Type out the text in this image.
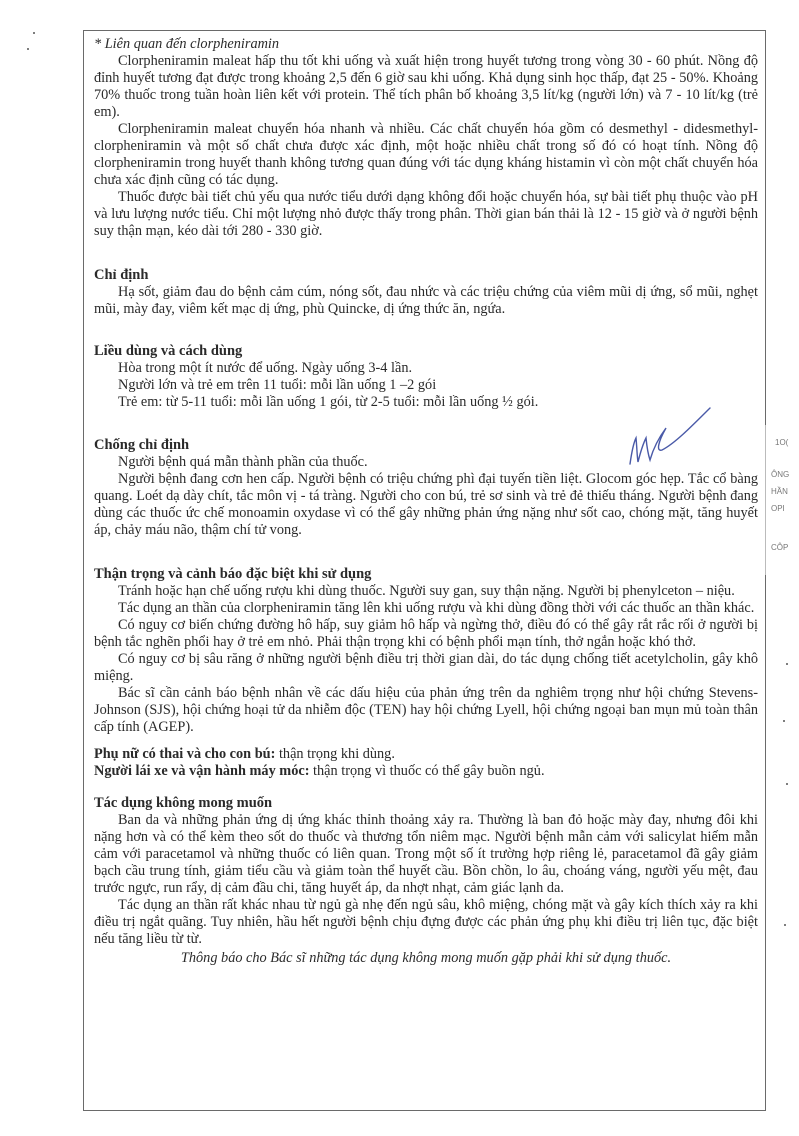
* Liên quan đến clorpheniramin

Clorpheniramin maleat hấp thu tốt khi uống và xuất hiện trong huyết tương trong vòng 30 - 60 phút. Nồng độ đỉnh huyết tương đạt được trong khoảng 2,5 đến 6 giờ sau khi uống. Khả dụng sinh học thấp, đạt 25 - 50%. Khoảng 70% thuốc trong tuần hoàn liên kết với protein. Thể tích phân bố khoảng 3,5 lít/kg (người lớn) và 7 - 10 lít/kg (trẻ em).

Clorpheniramin maleat chuyển hóa nhanh và nhiều. Các chất chuyển hóa gồm có desmethyl - didesmethyl- clorpheniramin và một số chất chưa được xác định, một hoặc nhiều chất trong số đó có hoạt tính. Nồng độ clorpheniramin trong huyết thanh không tương quan đúng với tác dụng kháng histamin vì còn một chất chuyển hóa chưa xác định cũng có tác dụng.

Thuốc được bài tiết chủ yếu qua nước tiểu dưới dạng không đổi hoặc chuyển hóa, sự bài tiết phụ thuộc vào pH và lưu lượng nước tiểu. Chỉ một lượng nhỏ được thấy trong phân. Thời gian bán thải là 12 - 15 giờ và ở người bệnh suy thận mạn, kéo dài tới 280 - 330 giờ.

Chỉ định

Hạ sốt, giảm đau do bệnh cảm cúm, nóng sốt, đau nhức và các triệu chứng của viêm mũi dị ứng, sổ mũi, nghẹt mũi, mày đay, viêm kết mạc dị ứng, phù Quincke, dị ứng thức ăn, ngứa.

Liều dùng và cách dùng
Hòa trong một ít nước để uống. Ngày uống 3-4 lần.
Người lớn và trẻ em trên 11 tuổi: mỗi lần uống 1 –2 gói
Trẻ em: từ 5-11 tuổi: mỗi lần uống 1 gói, từ 2-5 tuổi: mỗi lần uống ½ gói.
Chống chỉ định

Người bệnh quá mẫn thành phần của thuốc.

Người bệnh đang cơn hen cấp. Người bệnh có triệu chứng phì đại tuyến tiền liệt. Glocom góc hẹp. Tắc cổ bàng quang. Loét dạ dày chít, tắc môn vị - tá tràng. Người cho con bú, trẻ sơ sinh và trẻ đẻ thiếu tháng. Người bệnh đang dùng các thuốc ức chế monoamin oxydase vì có thể gây những phản ứng nặng như sốt cao, chóng mặt, tăng huyết áp, chảy máu não, thậm chí tử vong.

Thận trọng và cảnh báo đặc biệt khi sử dụng

Tránh hoặc hạn chế uống rượu khi dùng thuốc. Người suy gan, suy thận nặng. Người bị phenylceton – niệu.

Tác dụng an thần của clorpheniramin tăng lên khi uống rượu và khi dùng đồng thời với các thuốc an thần khác.

Có nguy cơ biến chứng đường hô hấp, suy giảm hô hấp và ngừng thở, điều đó có thể gây rắt rắc rối ở người bị bệnh tắc nghẽn phổi hay ở trẻ em nhỏ. Phải thận trọng khi có bệnh phổi mạn tính, thở ngắn hoặc khó thở.

Có nguy cơ bị sâu răng ở những người bệnh điều trị thời gian dài, do tác dụng chống tiết acetylcholin, gây khô miệng.

Bác sĩ cần cảnh báo bệnh nhân về các dấu hiệu của phản ứng trên da nghiêm trọng như hội chứng Stevens-Johnson (SJS), hội chứng hoại tử da nhiễm độc (TEN) hay hội chứng Lyell, hội chứng ngoại ban mụn mủ toàn thân cấp tính (AGEP).

Phụ nữ có thai và cho con bú: thận trọng khi dùng.
Người lái xe và vận hành máy móc: thận trọng vì thuốc có thể gây buồn ngủ.
Tác dụng không mong muốn

Ban da và những phản ứng dị ứng khác thỉnh thoảng xảy ra. Thường là ban đỏ hoặc mày đay, nhưng đôi khi nặng hơn và có thể kèm theo sốt do thuốc và thương tổn niêm mạc. Người bệnh mẫn cảm với salicylat hiếm mẫn cảm với paracetamol và những thuốc có liên quan. Trong một số ít trường hợp riêng lẻ, paracetamol đã gây giảm bạch cầu trung tính, giảm tiểu cầu và giảm toàn thể huyết cầu. Bồn chồn, lo âu, choáng váng, người yếu mệt, đau trước ngực, run rẩy, dị cảm đầu chi, tăng huyết áp, da nhợt nhạt, cảm giác lạnh da.

Tác dụng an thần rất khác nhau từ ngủ gà nhẹ đến ngủ sâu, khô miệng, chóng mặt và gây kích thích xảy ra khi điều trị ngắt quãng. Tuy nhiên, hầu hết người bệnh chịu đựng được các phản ứng phụ khi điều trị liên tục, đặc biệt nếu tăng liều từ từ.

Thông báo cho Bác sĩ những tác dụng không mong muốn gặp phải khi sử dụng thuốc.

1O(
ÔNG
HẦN
OPI
CÔP
